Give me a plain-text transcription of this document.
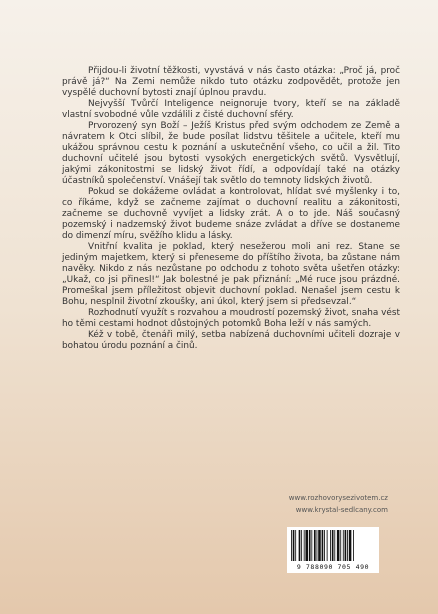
Přijdou-li životní těžkosti, vyvstává v nás často otázka: „Proč já, proč právě já?“ Na Zemi nemůže nikdo tuto otázku zodpovědět, protože jen vyspělé duchovní bytosti znají úplnou pravdu.

Nejvyšší Tvůrčí Inteligence neignoruje tvory, kteří se na základě vlastní svobodné vůle vzdálili z čisté duchovní sféry.

Prvorozený syn Boží – Ježíš Kristus před svým odchodem ze Země a návratem k Otci slíbil, že bude posílat lidstvu těšitele a učitele, kteří mu ukážou správnou cestu k poznání a uskutečnění všeho, co učil a žil. Tito duchovní učitelé jsou bytosti vysokých energetických světů. Vysvětlují, jakými zákonitostmi se lidský život řídí, a odpovídají také na otázky účastníků společenství. Vnášejí tak světlo do temnoty lidských životů.

Pokud se dokážeme ovládat a kontrolovat, hlídat své myšlenky i to, co říkáme, když se začneme zajímat o duchovní realitu a zákonitosti, začneme se duchovně vyvíjet a lidsky zrát. A o to jde. Náš současný pozemský i nadzemský život budeme snáze zvládat a dříve se dostaneme do dimenzí míru, svěžího klidu a lásky.

Vnitřní kvalita je poklad, který nesežerou moli ani rez. Stane se jediným majetkem, který si přeneseme do příštího života, ba zůstane nám navěky. Nikdo z nás nezůstane po odchodu z tohoto světa ušetřen otázky: „Ukaž, co jsi přinesl!“ Jak bolestné je pak přiznání: „Mé ruce jsou prázdné. Promeškal jsem příležitost objevit duchovní poklad. Nenašel jsem cestu k Bohu, nesplnil životní zkoušky, ani úkol, který jsem si předsevzal.“

Rozhodnutí využít s rozvahou a moudrostí pozemský život, snaha vést ho těmi cestami hodnot důstojných potomků Boha leží v nás samých.

Kéž v tobě, čtenáři milý, setba nabízená duchovními učiteli dozraje v bohatou úrodu poznání a činů.

www.rozhovorysezivotem.cz
www.krystal-sedlcany.com
9 788090 705 490
